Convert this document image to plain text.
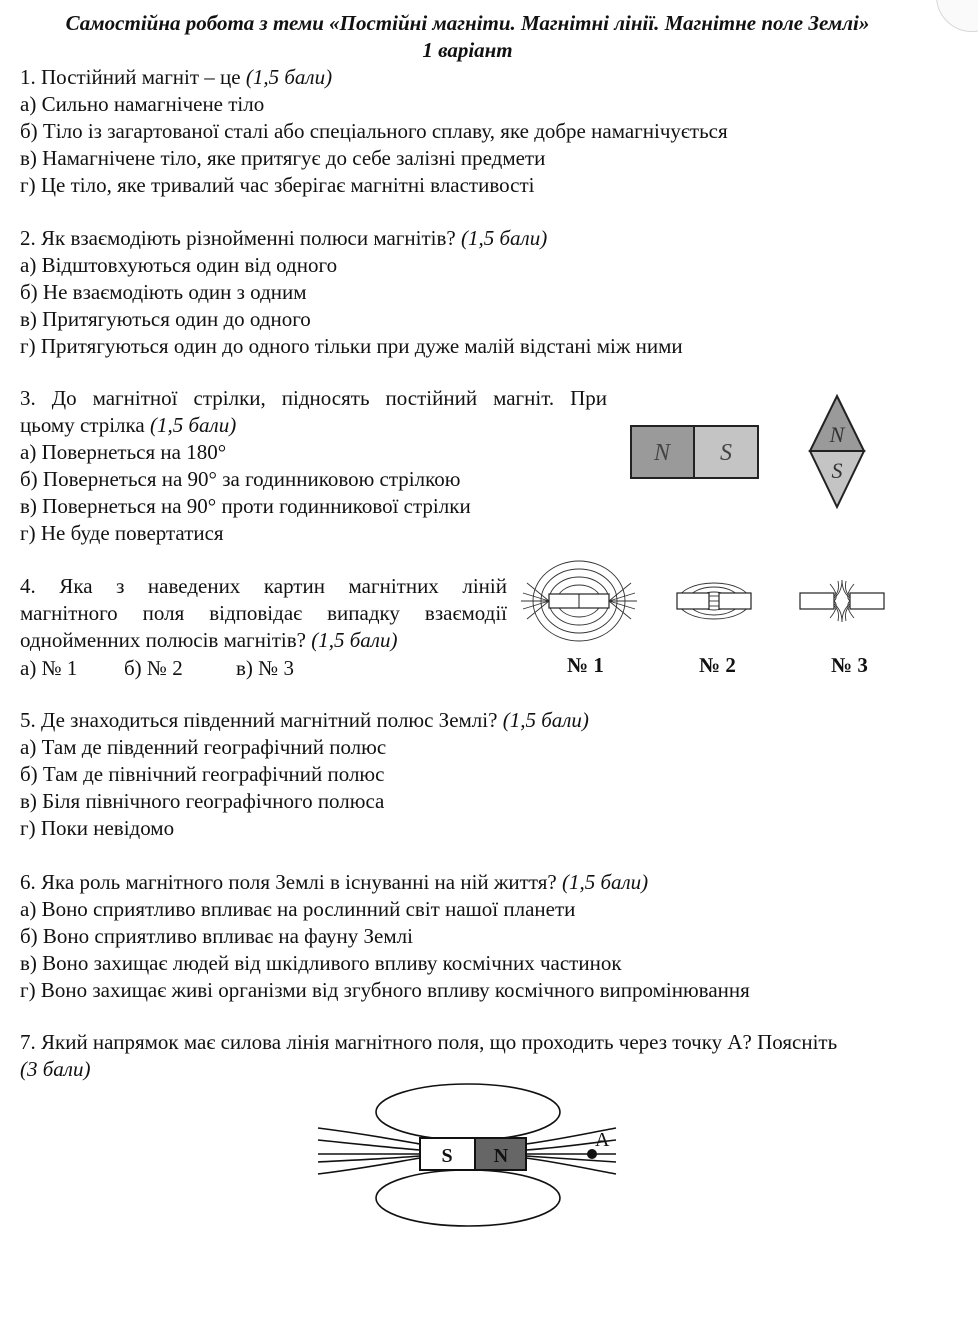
Самостійна робота з теми «Постійні магніти. Магнітні лінії. Магнітне поле Землі»
1 варіант
1. Постійний магніт – це (1,5 бали)
а) Сильно намагнічене тіло
б) Тіло із загартованої сталі або спеціального сплаву, яке добре намагнічується
в) Намагнічене тіло, яке притягує до себе залізні предмети
г) Це тіло, яке тривалий час зберігає магнітні властивості
2. Як взаємодіють різнойменні полюси магнітів? (1,5 бали)
а) Відштовхуються один від одного
б) Не взаємодіють один з одним
в) Притягуються один до одного
г) Притягуються один до одного тільки при дуже малій відстані між ними
3. До магнітної стрілки, підносять постійний магніт. При
цьому стрілка (1,5 бали)
а) Повернеться на 180°
б) Повернеться на 90° за годинниковою стрілкою
в) Повернеться на 90° проти годинникової стрілки
г) Не буде повертатися
N S
N
S
4. Яка з наведених картин магнітних ліній
магнітного поля відповідає випадку взаємодії
однойменних полюсів магнітів? (1,5 бали)
а) № 1 б) № 2	в) № 3	№ 1	№ 2	№ 3
5. Де знаходиться південний магнітний полюс Землі? (1,5 бали)
а) Там де південний географічний полюс
б) Там де північний географічний полюс
в) Біля північного географічного полюса
г) Поки невідомо
6. Яка роль магнітного поля Землі в існуванні на ній життя? (1,5 бали)
а) Воно сприятливо впливає на рослинний світ нашої планети
б) Воно сприятливо впливає на фауну Землі
в) Воно захищає людей від шкідливого впливу космічних частинок
г) Воно захищає живі організми від згубного впливу космічного випромінювання
7. Який напрямок має силова лінія магнітного поля, що проходить через точку А? Поясніть
(3 бали)
S N
A
